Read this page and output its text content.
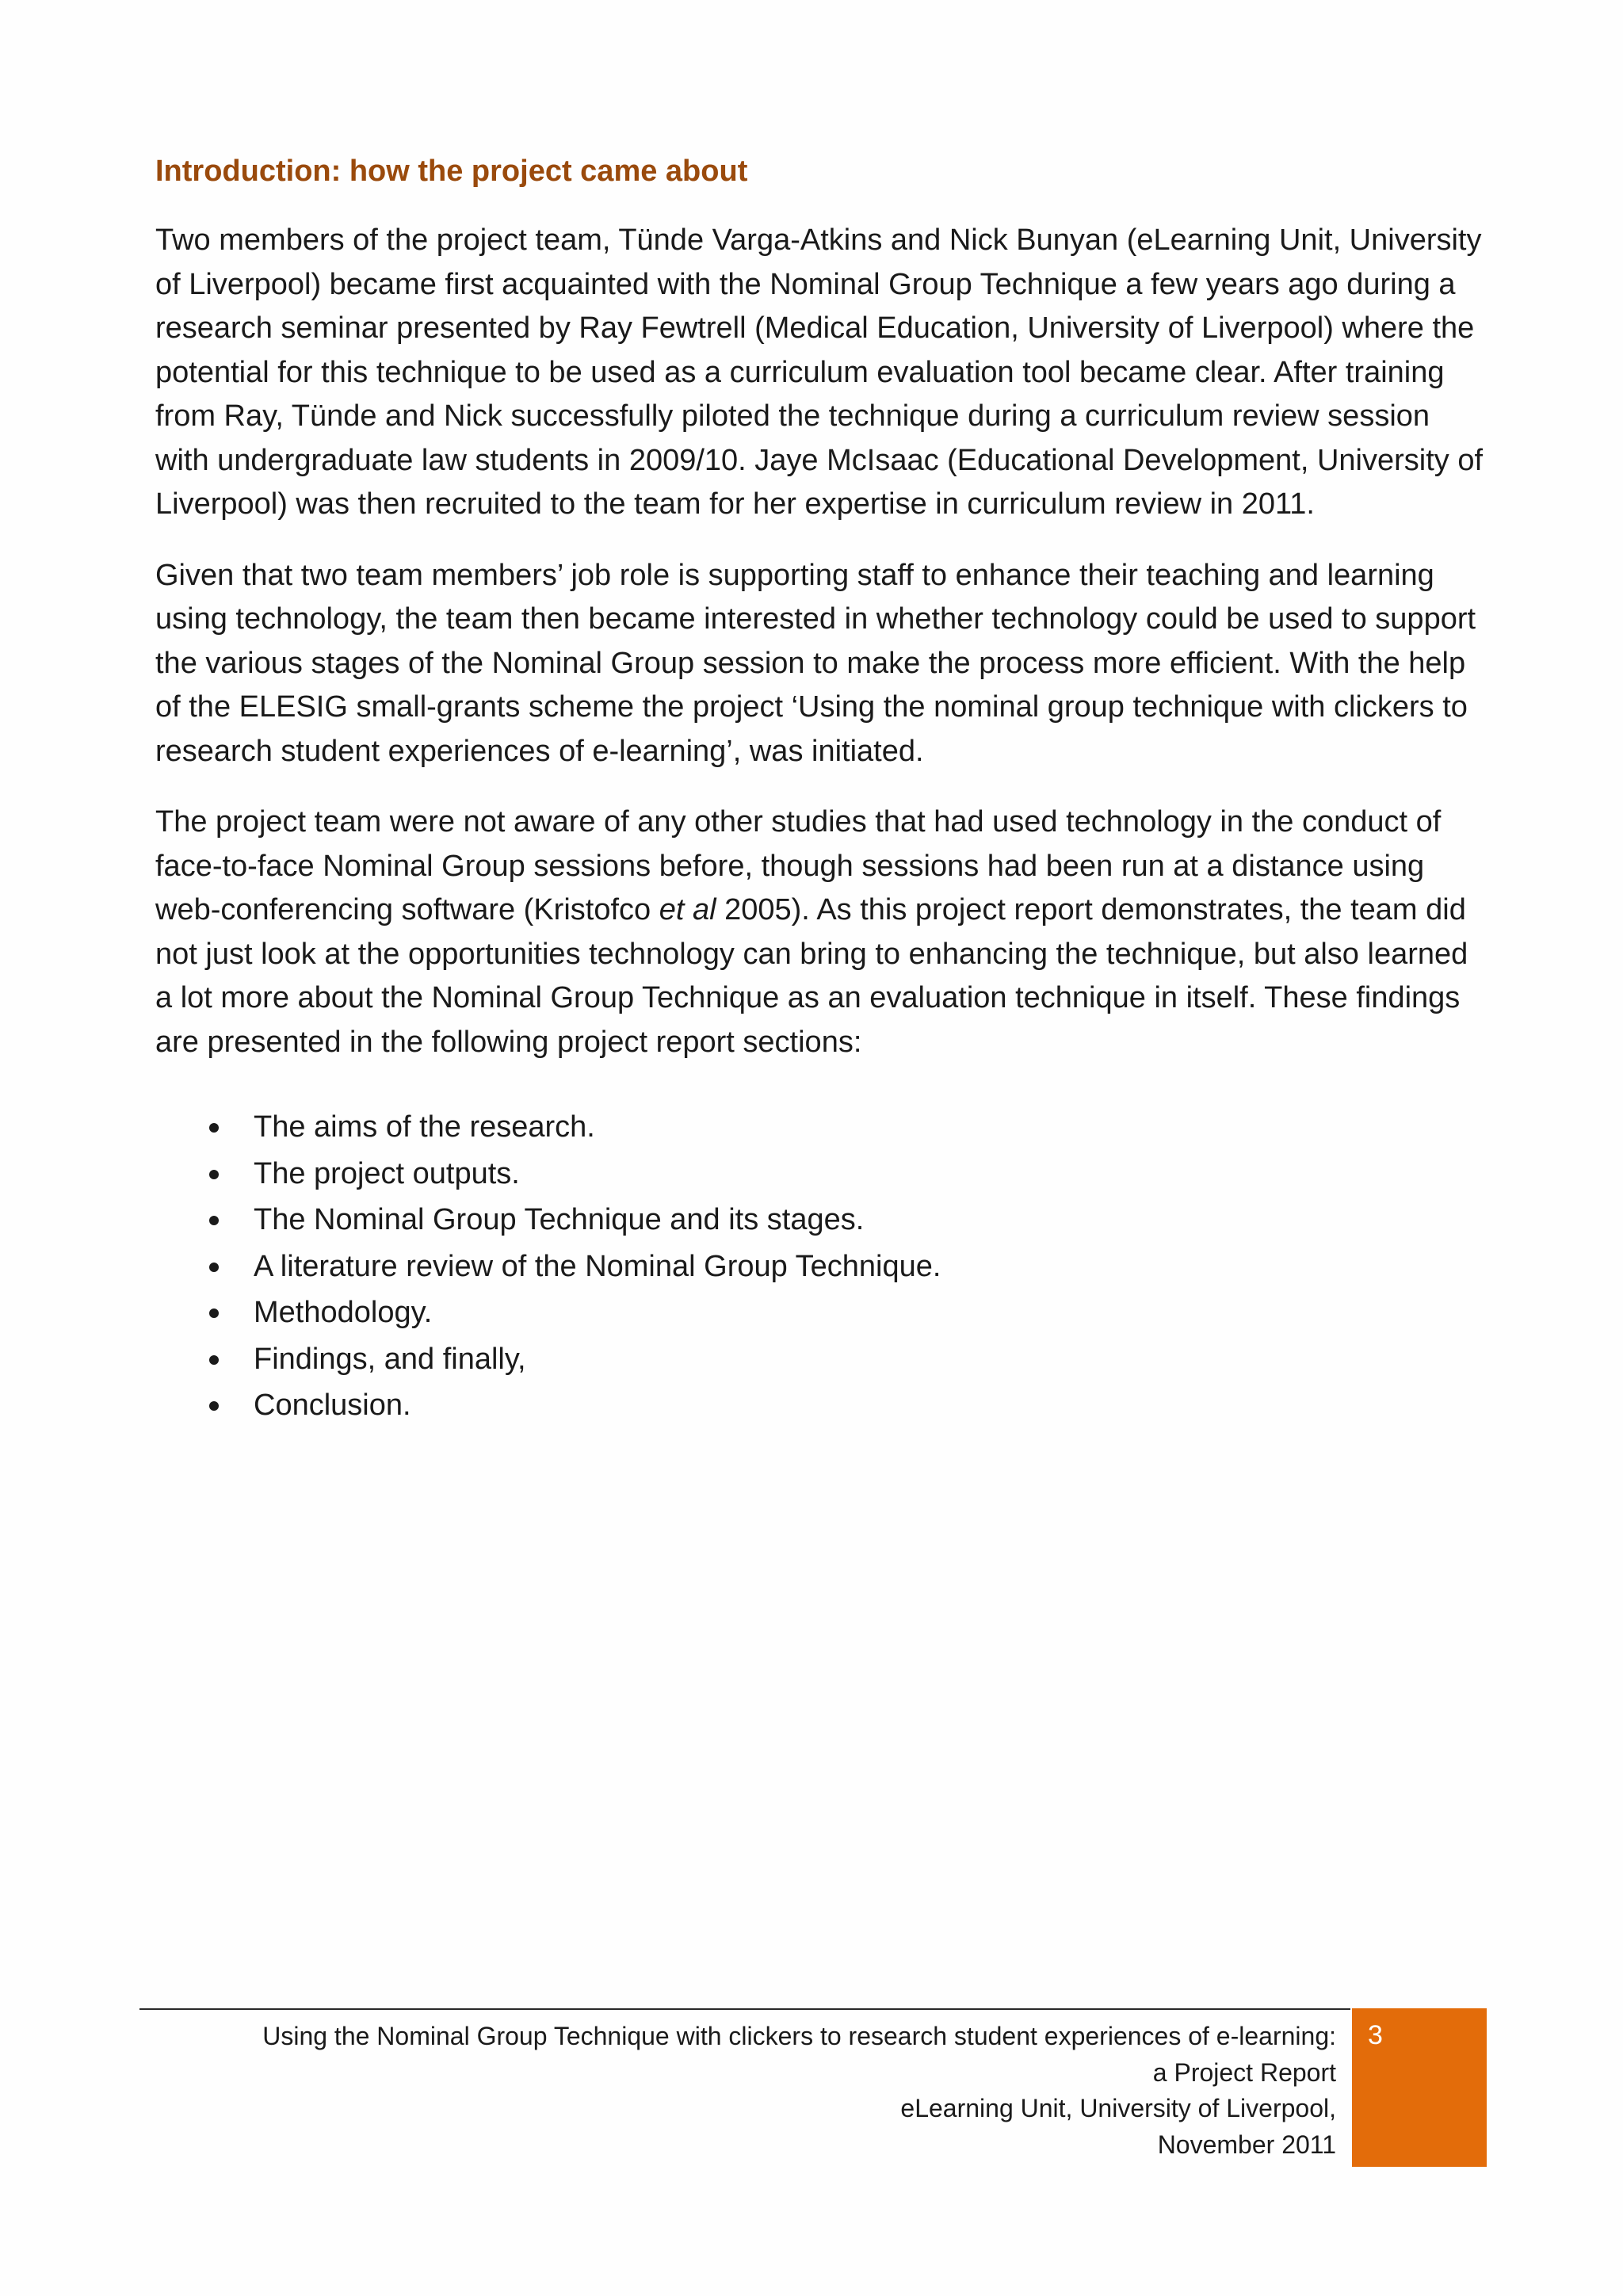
Introduction: how the project came about

Two members of the project team, Tünde Varga-Atkins and Nick Bunyan (eLearning Unit, University of Liverpool) became first acquainted with the Nominal Group Technique a few years ago during a research seminar presented by Ray Fewtrell (Medical Education, University of Liverpool) where the potential for this technique to be used as a curriculum evaluation tool became clear. After training from Ray, Tünde and Nick successfully piloted the technique during a curriculum review session with undergraduate law students in 2009/10. Jaye McIsaac (Educational Development, University of Liverpool) was then recruited to the team for her expertise in curriculum review in 2011.

Given that two team members’ job role is supporting staff to enhance their teaching and learning using technology, the team then became interested in whether technology could be used to support the various stages of the Nominal Group session to make the process more efficient. With the help of the ELESIG small-grants scheme the project ‘Using the nominal group technique with clickers to research student experiences of e-learning’, was initiated.

The project team were not aware of any other studies that had used technology in the conduct of face-to-face Nominal Group sessions before, though sessions had been run at a distance using web-conferencing software (Kristofco et al 2005). As this project report demonstrates, the team did not just look at the opportunities technology can bring to enhancing the technique, but also learned a lot more about the Nominal Group Technique as an evaluation technique in itself. These findings are presented in the following project report sections:

The aims of the research.
The project outputs.
The Nominal Group Technique and its stages.
A literature review of the Nominal Group Technique.
Methodology.
Findings, and finally,
Conclusion.
Using the Nominal Group Technique with clickers to research student experiences of e-learning:
a Project Report
eLearning Unit, University of Liverpool,
November 2011
3
